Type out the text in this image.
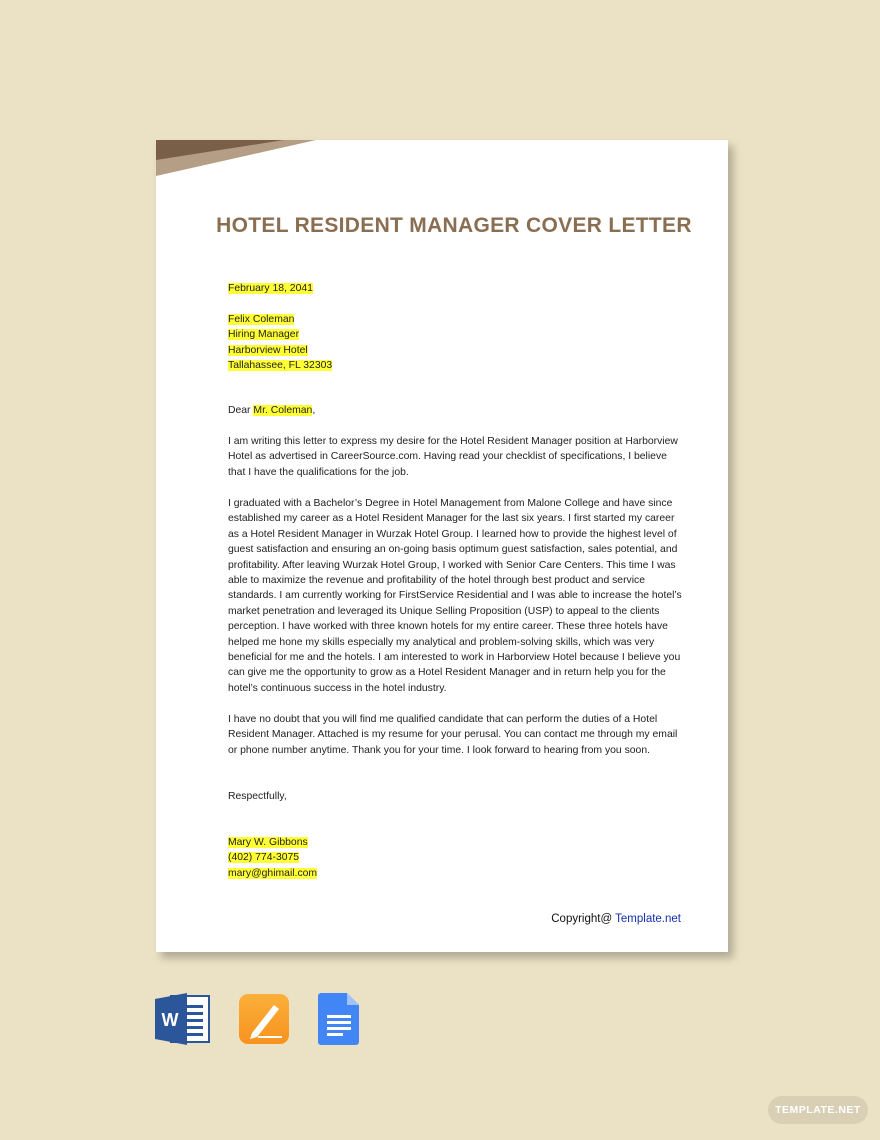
HOTEL RESIDENT MANAGER COVER LETTER

February 18, 2041

Felix Coleman

Hiring Manager

Harborview Hotel

Tallahassee, FL 32303

Dear Mr. Coleman,

I am writing this letter to express my desire for the Hotel Resident Manager position at Harborview Hotel as advertised in CareerSource.com. Having read your checklist of specifications, I believe that I have the qualifications for the job.

I graduated with a Bachelor’s Degree in Hotel Management from Malone College and have since established my career as a Hotel Resident Manager for the last six years. I first started my career as a Hotel Resident Manager in Wurzak Hotel Group. I learned how to provide the highest level of guest satisfaction and ensuring an on-going basis optimum guest satisfaction, sales potential, and profitability. After leaving Wurzak Hotel Group, I worked with Senior Care Centers. This time I was able to maximize the revenue and profitability of the hotel through best product and service standards. I am currently working for FirstService Residential and I was able to increase the hotel’s market penetration and leveraged its Unique Selling Proposition (USP) to appeal to the clients perception. I have worked with three known hotels for my entire career. These three hotels have helped me hone my skills especially my analytical and problem-solving skills, which was very beneficial for me and the hotels. I am interested to work in Harborview Hotel because I believe you can give me the opportunity to grow as a Hotel Resident Manager and in return help you for the hotel’s continuous success in the hotel industry.

I have no doubt that you will find me qualified candidate that can perform the duties of a Hotel Resident Manager. Attached is my resume for your perusal. You can contact me through my email or phone number anytime. Thank you for your time. I look forward to hearing from you soon.

Respectfully,

Mary W. Gibbons

(402) 774-3075

mary@ghimail.com

Copyright@ Template.net
W
TEMPLATE.NET
